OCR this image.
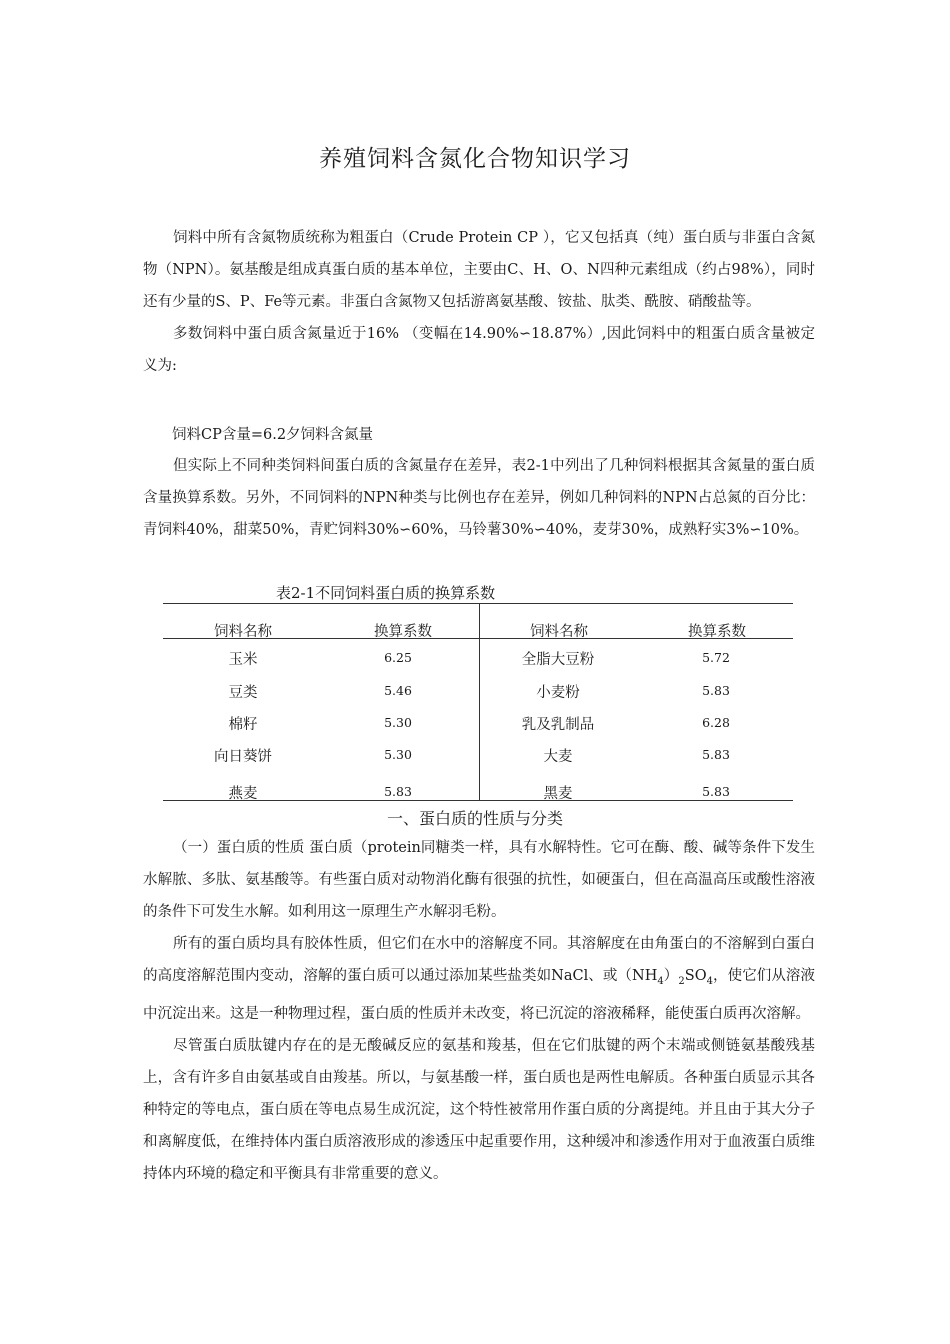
养殖饲料含氮化合物知识学习

饲料中所有含氮物质统称为粗蛋白（Crude Protein CP ），它又包括真（纯）蛋白质与非蛋白含氮物（NPN）。氨基酸是组成真蛋白质的基本单位，主要由C、H、O、N四种元素组成（约占98%），同时还有少量的S、P、Fe等元素。非蛋白含氮物又包括游离氨基酸、铵盐、肽类、酰胺、硝酸盐等。

多数饲料中蛋白质含氮量近于16% （变幅在14.90%∽18.87%）,因此饲料中的粗蛋白质含量被定义为:

饲料CP含量=6.2夕饲料含氮量

但实际上不同种类饲料间蛋白质的含氮量存在差异，表2-1中列出了几种饲料根据其含氮量的蛋白质含量换算系数。另外，不同饲料的NPN种类与比例也存在差异，例如几种饲料的NPN占总氮的百分比：青饲料40%，甜菜50%，青贮饲料30%∽60%，马铃薯30%∽40%，麦芽30%，成熟籽实3%∽10%。

表2-1不同饲料蛋白质的换算系数
饲料名称	换算系数	饲料名称	换算系数
玉米	6.25	全脂大豆粉	5.72
豆类	5.46	小麦粉	5.83
棉籽	5.30	乳及乳制品	6.28
向日葵饼	5.30	大麦	5.83
燕麦	5.83	黑麦	5.83
一、蛋白质的性质与分类

（一）蛋白质的性质 蛋白质（protein同糖类一样，具有水解特性。它可在酶、酸、碱等条件下发生水解脓、多肽、氨基酸等。有些蛋白质对动物消化酶有很强的抗性，如硬蛋白，但在高温高压或酸性溶液的条件下可发生水解。如利用这一原理生产水解羽毛粉。

所有的蛋白质均具有胶体性质，但它们在水中的溶解度不同。其溶解度在由角蛋白的不溶解到白蛋白的高度溶解范围内变动，溶解的蛋白质可以通过添加某些盐类如NaCl、或$(NH_4)_2SO_4$，使它们从溶液中沉淀出来。这是一种物理过程，蛋白质的性质并未改变，将已沉淀的溶液稀释，能使蛋白质再次溶解。

尽管蛋白质肽键内存在的是无酸碱反应的氨基和羧基，但在它们肽键的两个末端或侧链氨基酸残基上，含有许多自由氨基或自由羧基。所以，与氨基酸一样，蛋白质也是两性电解质。各种蛋白质显示其各种特定的等电点，蛋白质在等电点易生成沉淀，这个特性被常用作蛋白质的分离提纯。并且由于其大分子和离解度低，在维持体内蛋白质溶液形成的渗透压中起重要作用，这种缓冲和渗透作用对于血液蛋白质维持体内环境的稳定和平衡具有非常重要的意义。
